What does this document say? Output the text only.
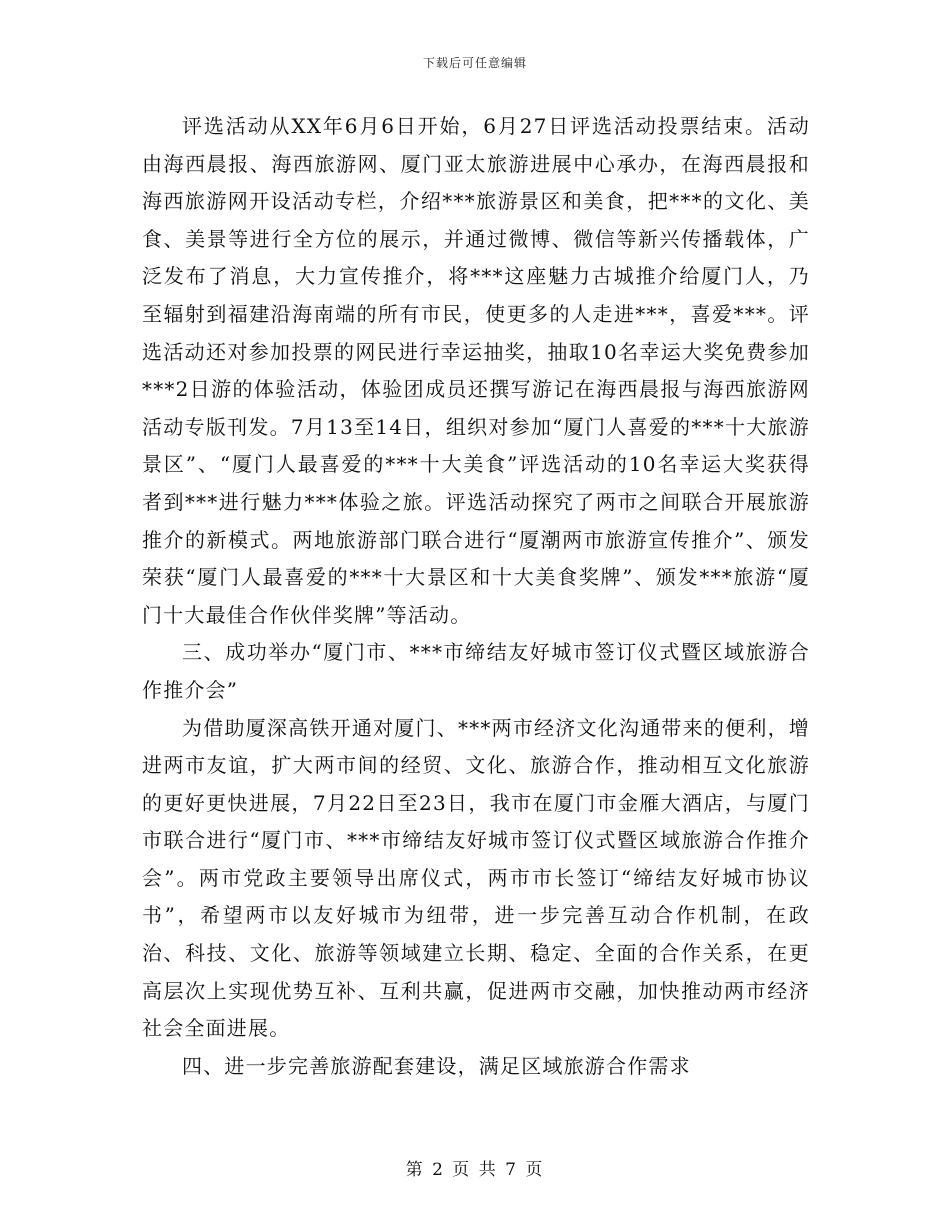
下载后可任意编辑

评选活动从XX年6月6日开始，6月27日评选活动投票结束。活动由海西晨报、海西旅游网、厦门亚太旅游进展中心承办，在海西晨报和海西旅游网开设活动专栏，介绍***旅游景区和美食，把***的文化、美食、美景等进行全方位的展示，并通过微博、微信等新兴传播载体，广泛发布了消息，大力宣传推介，将***这座魅力古城推介给厦门人，乃至辐射到福建沿海南端的所有市民，使更多的人走进***，喜爱***。评选活动还对参加投票的网民进行幸运抽奖，抽取10名幸运大奖免费参加***2日游的体验活动，体验团成员还撰写游记在海西晨报与海西旅游网活动专版刊发。7月13至14日，组织对参加“厦门人喜爱的***十大旅游景区”、“厦门人最喜爱的***十大美食”评选活动的10名幸运大奖获得者到***进行魅力***体验之旅。评选活动探究了两市之间联合开展旅游推介的新模式。两地旅游部门联合进行“厦潮两市旅游宣传推介”、颁发荣获“厦门人最喜爱的***十大景区和十大美食奖牌”、颁发***旅游“厦门十大最佳合作伙伴奖牌”等活动。

三、成功举办“厦门市、***市缔结友好城市签订仪式暨区域旅游合作推介会”

为借助厦深高铁开通对厦门、***两市经济文化沟通带来的便利，增进两市友谊，扩大两市间的经贸、文化、旅游合作，推动相互文化旅游的更好更快进展，7月22日至23日，我市在厦门市金雁大酒店，与厦门市联合进行“厦门市、***市缔结友好城市签订仪式暨区域旅游合作推介会”。两市党政主要领导出席仪式，两市市长签订“缔结友好城市协议书”，希望两市以友好城市为纽带，进一步完善互动合作机制，在政治、科技、文化、旅游等领域建立长期、稳定、全面的合作关系，在更高层次上实现优势互补、互利共赢，促进两市交融，加快推动两市经济社会全面进展。

四、进一步完善旅游配套建设，满足区域旅游合作需求

第 2 页 共 7 页
